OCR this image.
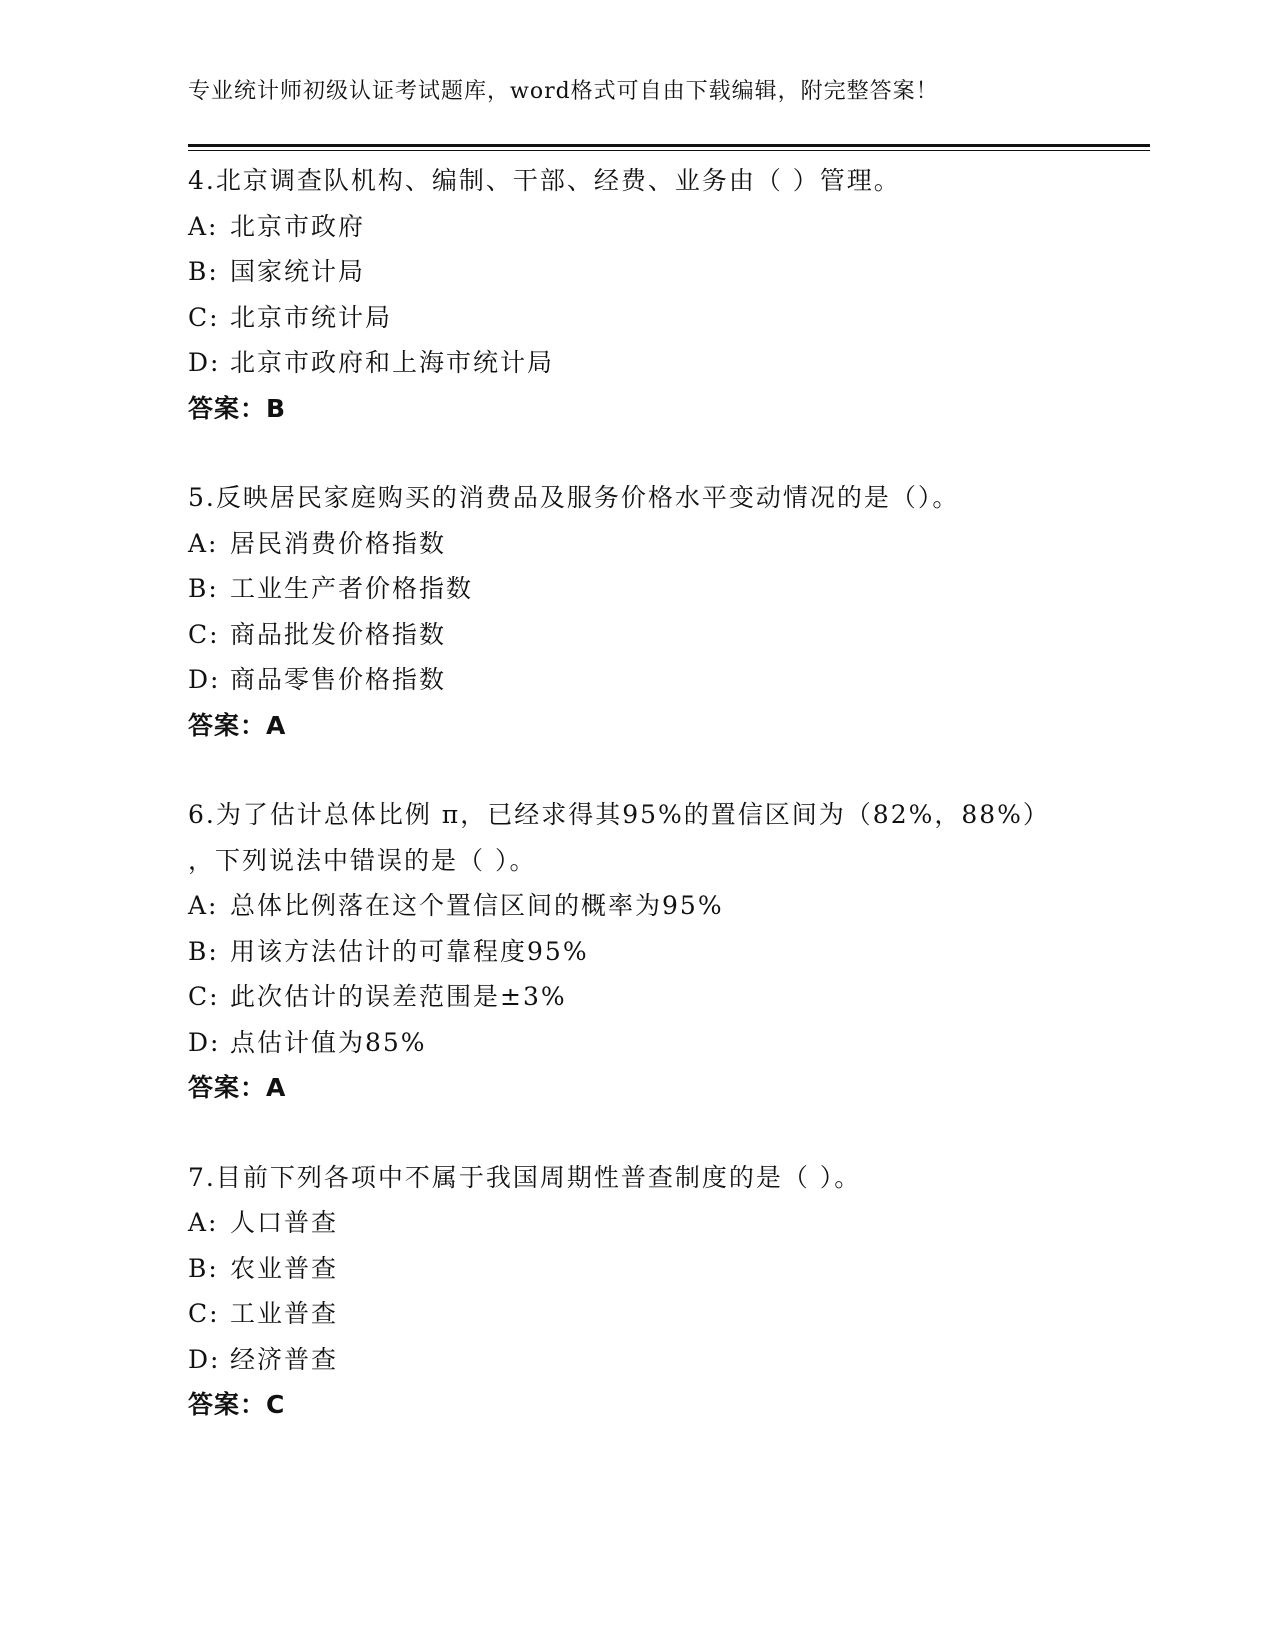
专业统计师初级认证考试题库，word格式可自由下载编辑，附完整答案！
4.北京调查队机构、编制、干部、经费、业务由（ ）管理。
A: 北京市政府
B: 国家统计局
C: 北京市统计局
D: 北京市政府和上海市统计局
答案：B
5.反映居民家庭购买的消费品及服务价格水平变动情况的是（）。
A: 居民消费价格指数
B: 工业生产者价格指数
C: 商品批发价格指数
D: 商品零售价格指数
答案：A
6.为了估计总体比例 π，已经求得其95%的置信区间为（82%，88%）
，下列说法中错误的是（ ）。
A: 总体比例落在这个置信区间的概率为95%
B: 用该方法估计的可靠程度95%
C: 此次估计的误差范围是±3%
D: 点估计值为85%
答案：A
7.目前下列各项中不属于我国周期性普查制度的是（ ）。
A: 人口普查
B: 农业普查
C: 工业普查
D: 经济普查
答案：C
